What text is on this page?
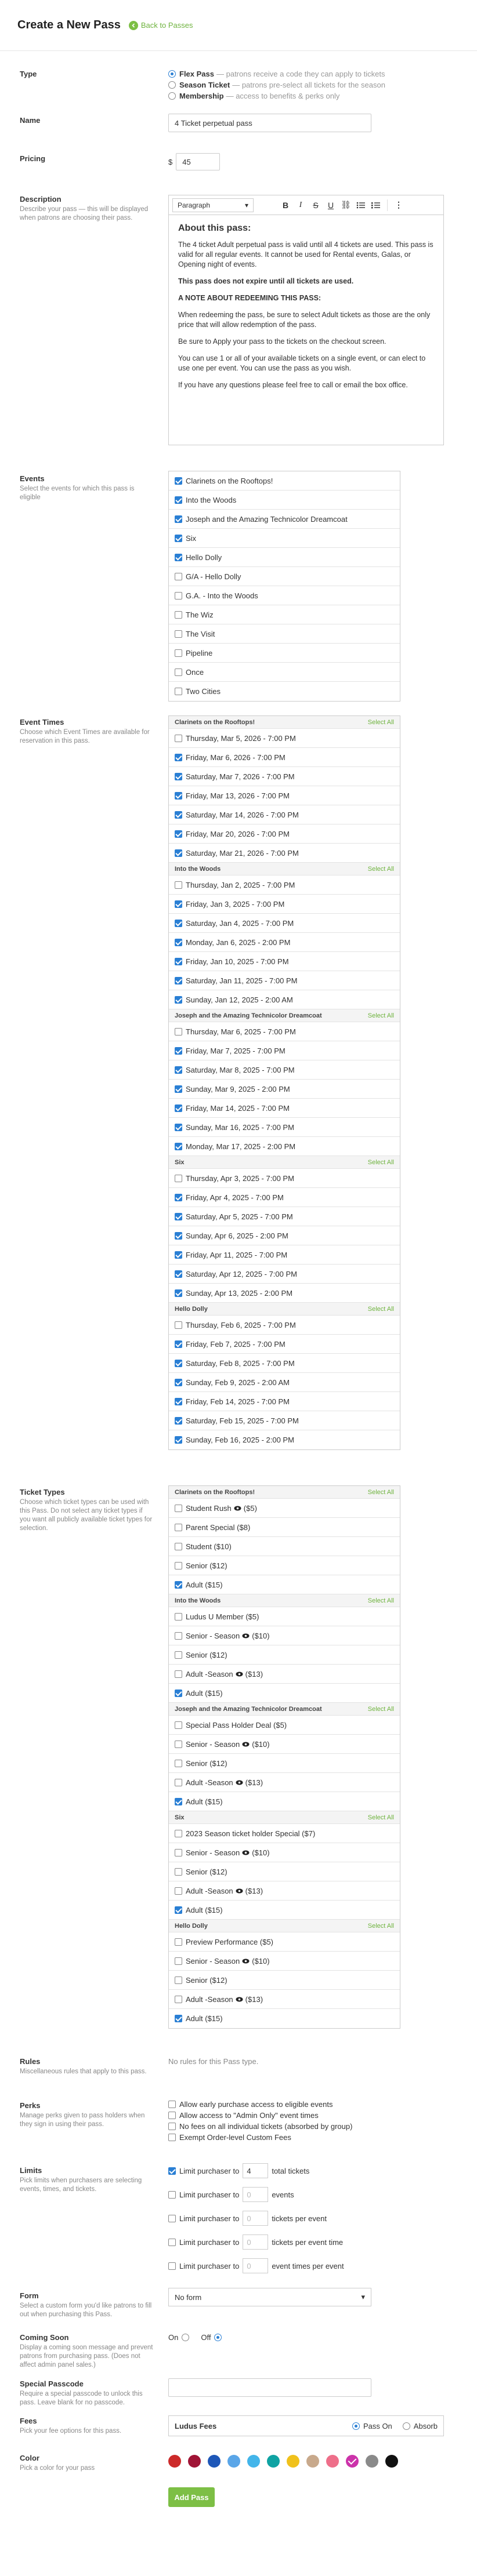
Create a New Pass	Back to Passes
Type	Flex Pass — patrons receive a code they can apply to tickets
Season Ticket — patrons pre-select all tickets for the season
Membership — access to benefits & perks only
Name	4 Ticket perpetual pass
Pricing	$	45
Description
Describe your pass — this will be displayed when patrons are choosing their pass.
Paragraph	▾	B	I	S	U ⛓	⋮
About this pass:

The 4 ticket Adult perpetual pass is valid until all 4 tickets are used. This pass is valid for all regular events. It cannot be used for Rental events, Galas, or Opening night of events.

This pass does not expire until all tickets are used.

A NOTE ABOUT REDEEMING THIS PASS:

When redeeming the pass, be sure to select Adult tickets as those are the only price that will allow redemption of the pass.

Be sure to Apply your pass to the tickets on the checkout screen.

You can use 1 or all of your available tickets on a single event, or can elect to use one per event. You can use the pass as you wish.

If you have any questions please feel free to call or email the box office.

Events
Select the events for which this pass is eligible
Clarinets on the Rooftops!
Into the Woods
Joseph and the Amazing Technicolor Dreamcoat
Six
Hello Dolly
G/A - Hello Dolly
G.A. - Into the Woods
The Wiz
The Visit
Pipeline
Once
Two Cities
Event Times
Choose which Event Times are available for reservation in this pass.
Clarinets on the Rooftops!	Select All
Thursday, Mar 5, 2026 - 7:00 PM
Friday, Mar 6, 2026 - 7:00 PM
Saturday, Mar 7, 2026 - 7:00 PM
Friday, Mar 13, 2026 - 7:00 PM
Saturday, Mar 14, 2026 - 7:00 PM
Friday, Mar 20, 2026 - 7:00 PM
Saturday, Mar 21, 2026 - 7:00 PM
Into the Woods	Select All
Thursday, Jan 2, 2025 - 7:00 PM
Friday, Jan 3, 2025 - 7:00 PM
Saturday, Jan 4, 2025 - 7:00 PM
Monday, Jan 6, 2025 - 2:00 PM
Friday, Jan 10, 2025 - 7:00 PM
Saturday, Jan 11, 2025 - 7:00 PM
Sunday, Jan 12, 2025 - 2:00 AM
Joseph and the Amazing Technicolor Dreamcoat	Select All
Thursday, Mar 6, 2025 - 7:00 PM
Friday, Mar 7, 2025 - 7:00 PM
Saturday, Mar 8, 2025 - 7:00 PM
Sunday, Mar 9, 2025 - 2:00 PM
Friday, Mar 14, 2025 - 7:00 PM
Sunday, Mar 16, 2025 - 7:00 PM
Monday, Mar 17, 2025 - 2:00 PM
Six	Select All
Thursday, Apr 3, 2025 - 7:00 PM
Friday, Apr 4, 2025 - 7:00 PM
Saturday, Apr 5, 2025 - 7:00 PM
Sunday, Apr 6, 2025 - 2:00 PM
Friday, Apr 11, 2025 - 7:00 PM
Saturday, Apr 12, 2025 - 7:00 PM
Sunday, Apr 13, 2025 - 2:00 PM
Hello Dolly	Select All
Thursday, Feb 6, 2025 - 7:00 PM
Friday, Feb 7, 2025 - 7:00 PM
Saturday, Feb 8, 2025 - 7:00 PM
Sunday, Feb 9, 2025 - 2:00 AM
Friday, Feb 14, 2025 - 7:00 PM
Saturday, Feb 15, 2025 - 7:00 PM
Sunday, Feb 16, 2025 - 2:00 PM
Ticket Types
Choose which ticket types can be used with this Pass. Do not select any ticket types if you want all publicly available ticket types for selection.
Clarinets on the Rooftops!	Select All
Student Rush ($5)
Parent Special ($8)
Student ($10)
Senior ($12)
Adult ($15)
Into the Woods	Select All
Ludus U Member ($5)
Senior - Season ($10)
Senior ($12)
Adult -Season ($13)
Adult ($15)
Joseph and the Amazing Technicolor Dreamcoat	Select All
Special Pass Holder Deal ($5)
Senior - Season ($10)
Senior ($12)
Adult -Season ($13)
Adult ($15)
Six	Select All
2023 Season ticket holder Special ($7)
Senior - Season ($10)
Senior ($12)
Adult -Season ($13)
Adult ($15)
Hello Dolly	Select All
Preview Performance ($5)
Senior - Season ($10)
Senior ($12)
Adult -Season ($13)
Adult ($15)
Rules
Miscellaneous rules that apply to this pass.
No rules for this Pass type.
Perks
Manage perks given to pass holders when they sign in using their pass.
Allow early purchase access to eligible events
Allow access to "Admin Only" event times
No fees on all individual tickets (absorbed by group)
Exempt Order-level Custom Fees
Limits
Pick limits when purchasers are selecting events, times, and tickets.
Limit purchaser to	4	total tickets
Limit purchaser to	0	events
Limit purchaser to	0	tickets per event
Limit purchaser to	0	tickets per event time
Limit purchaser to	0	event times per event
Form
Select a custom form you'd like patrons to fill out when purchasing this Pass.
No form	▾
Coming Soon
Display a coming soon message and prevent patrons from purchasing pass. (Does not affect admin panel sales.)
On	Off
Special Passcode
Require a special passcode to unlock this pass. Leave blank for no passcode.
Fees
Pick your fee options for this pass.
Ludus Fees	Pass On	Absorb
Color
Pick a color for your pass
Add Pass
